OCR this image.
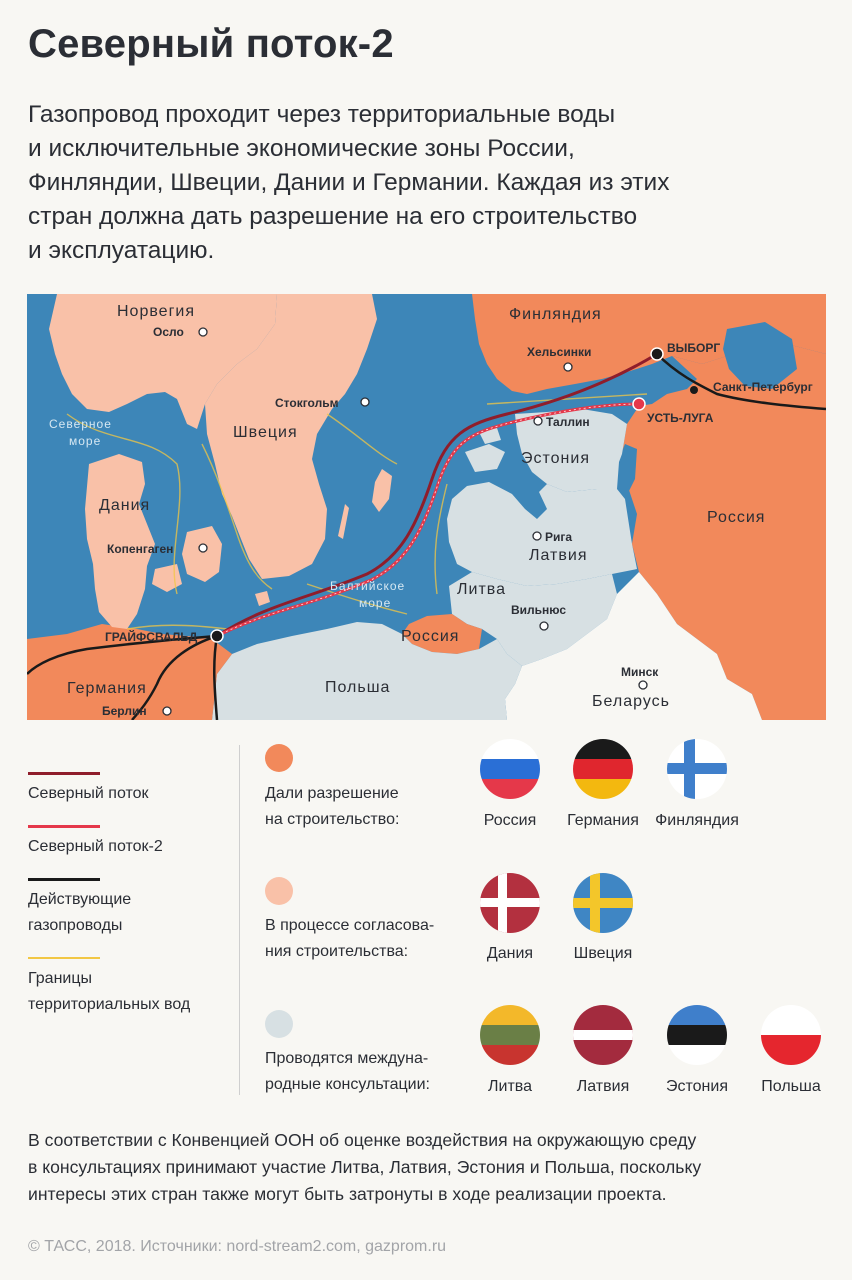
Северный поток-2
Газопровод проходит через территориальные воды
и исключительные экономические зоны России,
Финляндии, Швеции, Дании и Германии. Каждая из этих
стран должна дать разрешение на его строительство
и эксплуатацию.
Норвегия
Швеция
Финляндия
Дания
Эстония
Латвия
Литва
Россия
Россия
Польша
Германия
Беларусь
Северное
море
Балтийское
море
Осло
Стокгольм
Хельсинки
Таллин
Рига
Вильнюс
Минск
Копенгаген
Берлин
Санкт-Петербург
ВЫБОРГ
УСТЬ-ЛУГА
ГРАЙФСВАЛЬД
Северный поток
Северный поток-2
Действующие
газопроводы
Границы
территориальных вод
Дали разрешение
на строительство:
В процессе согласова-
ния строительства:
Проводятся междуна-
родные консультации:
Россия	Германия	Финляндия
Дания	Швеция
Литва	Латвия	Эстония	Польша
В соответствии с Конвенцией ООН об оценке воздействия на окружающую среду
в консультациях принимают участие Литва, Латвия, Эстония и Польша, поскольку
интересы этих стран также могут быть затронуты в ходе реализации проекта.
© ТАСС, 2018. Источники: nord-stream2.com, gazprom.ru
